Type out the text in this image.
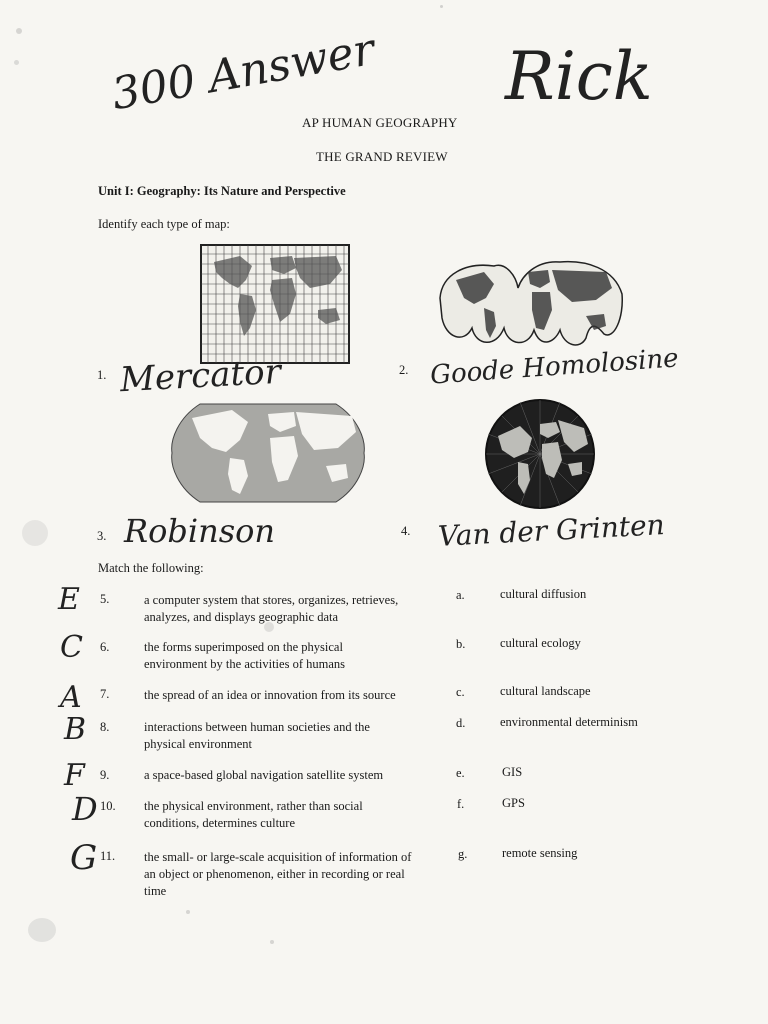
300 Answer Rick
AP HUMAN GEOGRAPHY
THE GRAND REVIEW
Unit I: Geography: Its Nature and Perspective
Identify each type of map:
1. Mercator	2. Goode Homolosine
3. Robinson	4. Van der Grinten
Match the following:
E 5.	a computer system that stores, organizes, retrieves, analyzes, and displays geographic data
C 6.	the forms superimposed on the physical environment by the activities of humans
A 7.	the spread of an idea or innovation from its source
B 8.	interactions between human societies and the physical environment
F 9.	a space-based global navigation satellite system
D 10. the physical environment, rather than social conditions, determines culture
G 11. the small- or large-scale acquisition of information of an object or phenomenon, either in recording or real time
a.	cultural diffusion
b.	cultural ecology
c.	cultural landscape
d.	environmental determinism
e.	GIS
f.	GPS
g.	remote sensing
